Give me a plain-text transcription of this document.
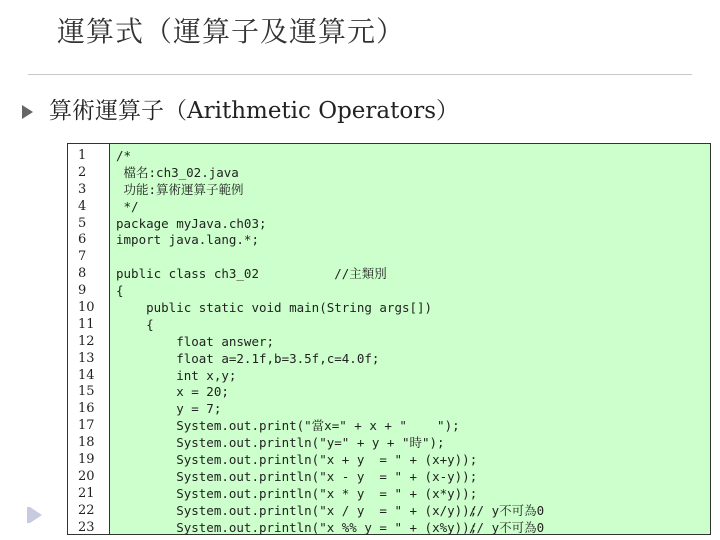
運算式（運算子及運算元）
算術運算子（Arithmetic Operators）
1
2
3
4
5
6
7
8
9
10
11
12
13
14
15
16
17
18
19
20
21
22
23
/*
檔名:ch3_02.java
功能:算術運算子範例
*/
package myJava.ch03;
import java.lang.*;
public class ch3_02          //主類別
{
public static void main(String args[])
{
float answer;
float a=2.1f,b=3.5f,c=4.0f;
int x,y;
x = 20;
y = 7;
System.out.print("當x=" + x + "    ");
System.out.println("y=" + y + "時");
System.out.println("x + y  = " + (x+y));
System.out.println("x - y  = " + (x-y));
System.out.println("x * y  = " + (x*y));
System.out.println("x / y  = " + (x/y));
// y不可為0
System.out.println("x %% y = " + (x%y));
// y不可為0
